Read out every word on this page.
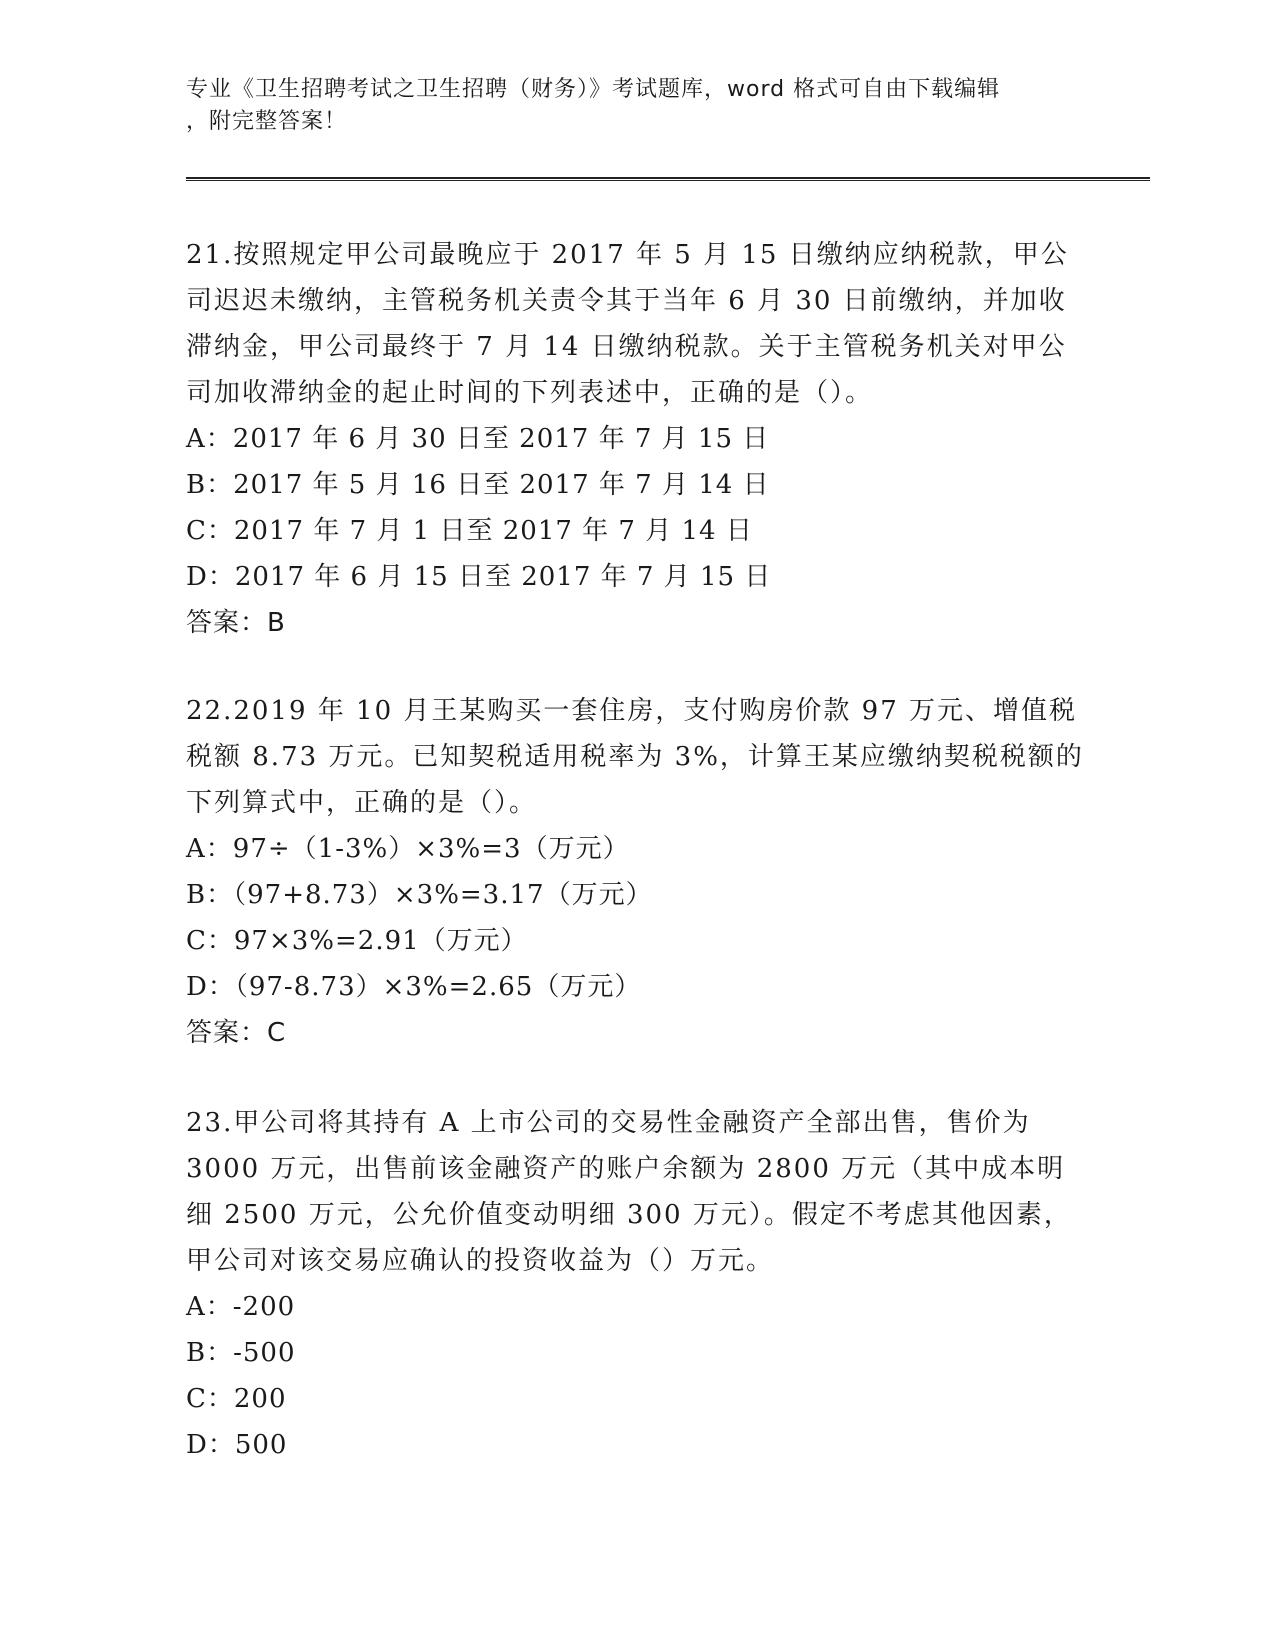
专业《卫生招聘考试之卫生招聘（财务）》考试题库，word 格式可自由下载编辑
，附完整答案！

21.按照规定甲公司最晚应于 2017 年 5 月 15 日缴纳应纳税款，甲公司迟迟未缴纳，主管税务机关责令其于当年 6 月 30 日前缴纳，并加收滞纳金，甲公司最终于 7 月 14 日缴纳税款。关于主管税务机关对甲公司加收滞纳金的起止时间的下列表述中，正确的是（）。

A：2017 年 6 月 30 日至 2017 年 7 月 15 日

B：2017 年 5 月 16 日至 2017 年 7 月 14 日

C：2017 年 7 月 1 日至 2017 年 7 月 14 日

D：2017 年 6 月 15 日至 2017 年 7 月 15 日

答案：B

22.2019 年 10 月王某购买一套住房，支付购房价款 97 万元、增值税税额 8.73 万元。已知契税适用税率为 3%，计算王某应缴纳契税税额的下列算式中，正确的是（）。

A：97÷（1-3%）×3%=3（万元）

B：（97+8.73）×3%=3.17（万元）

C：97×3%=2.91（万元）

D：（97-8.73）×3%=2.65（万元）

答案：C

23.甲公司将其持有 A 上市公司的交易性金融资产全部出售，售价为 3000 万元，出售前该金融资产的账户余额为 2800 万元（其中成本明细 2500 万元，公允价值变动明细 300 万元）。假定不考虑其他因素，甲公司对该交易应确认的投资收益为（）万元。

A：-200

B：-500

C：200

D：500
